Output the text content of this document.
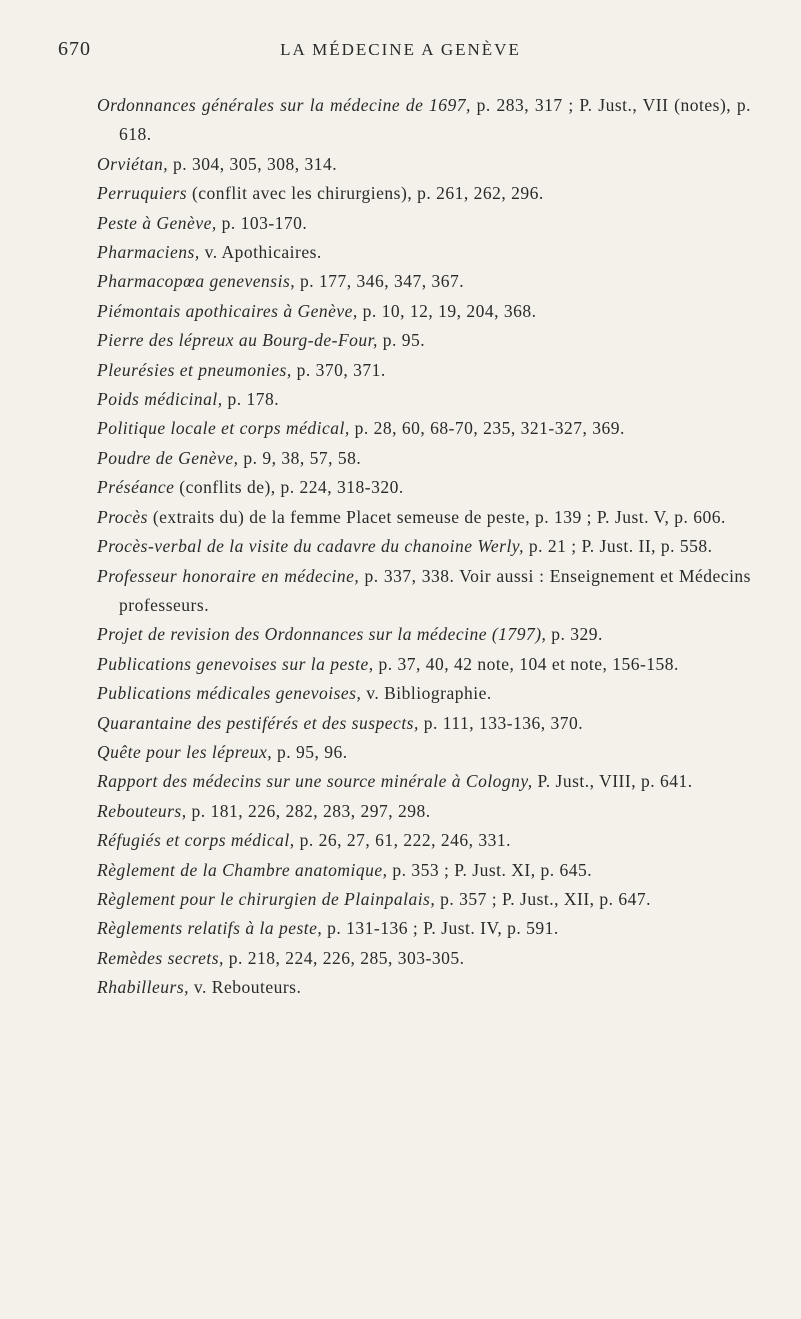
670	LA MÉDECINE A GENÈVE
Ordonnances générales sur la médecine de 1697, p. 283, 317 ; P. Just., VII (notes), p. 618.
Orviétan, p. 304, 305, 308, 314.
Perruquiers (conflit avec les chirurgiens), p. 261, 262, 296.
Peste à Genève, p. 103-170.
Pharmaciens, v. Apothicaires.
Pharmacopœa genevensis, p. 177, 346, 347, 367.
Piémontais apothicaires à Genève, p. 10, 12, 19, 204, 368.
Pierre des lépreux au Bourg-de-Four, p. 95.
Pleurésies et pneumonies, p. 370, 371.
Poids médicinal, p. 178.
Politique locale et corps médical, p. 28, 60, 68-70, 235, 321-327, 369.
Poudre de Genève, p. 9, 38, 57, 58.
Préséance (conflits de), p. 224, 318-320.
Procès (extraits du) de la femme Placet semeuse de peste, p. 139 ; P. Just. V, p. 606.
Procès-verbal de la visite du cadavre du chanoine Werly, p. 21 ; P. Just. II, p. 558.
Professeur honoraire en médecine, p. 337, 338. Voir aussi : Enseignement et Médecins professeurs.
Projet de revision des Ordonnances sur la médecine (1797), p. 329.
Publications genevoises sur la peste, p. 37, 40, 42 note, 104 et note, 156-158.
Publications médicales genevoises, v. Bibliographie.
Quarantaine des pestiférés et des suspects, p. 111, 133-136, 370.
Quête pour les lépreux, p. 95, 96.
Rapport des médecins sur une source minérale à Cologny, P. Just., VIII, p. 641.
Rebouteurs, p. 181, 226, 282, 283, 297, 298.
Réfugiés et corps médical, p. 26, 27, 61, 222, 246, 331.
Règlement de la Chambre anatomique, p. 353 ; P. Just. XI, p. 645.
Règlement pour le chirurgien de Plainpalais, p. 357 ; P. Just., XII, p. 647.
Règlements relatifs à la peste, p. 131-136 ; P. Just. IV, p. 591.
Remèdes secrets, p. 218, 224, 226, 285, 303-305.
Rhabilleurs, v. Rebouteurs.
